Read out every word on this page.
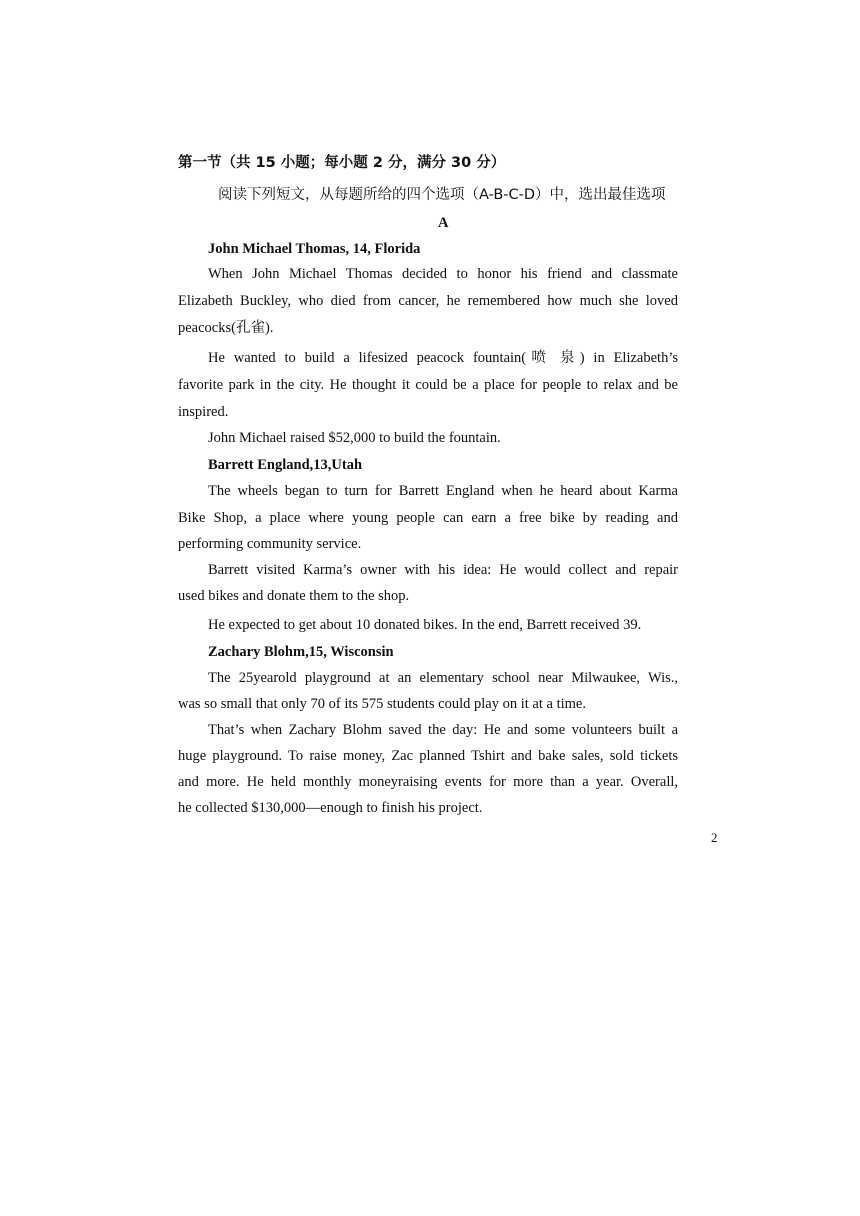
第一节（共 15 小题；每小题 2 分，满分 30 分）
阅读下列短文，从每题所给的四个选项（A-B-C-D）中，选出最佳选项
A
John Michael Thomas, 14, Florida
When John Michael Thomas decided to honor his friend and classmate
Elizabeth Buckley, who died from cancer, he remembered how much she loved
peacocks(孔雀).
He wanted to build a lifesized peacock fountain(喷 泉) in Elizabeth’s
favorite park in the city. He thought it could be a place for people to relax and be
inspired.
John Michael raised $52,000 to build the fountain.
Barrett England,13,Utah
The wheels began to turn for Barrett England when he heard about Karma
Bike Shop, a place where young people can earn a free bike by reading and
performing community service.
Barrett visited Karma’s owner with his idea: He would collect and repair
used bikes and donate them to the shop.
He expected to get about 10 donated bikes. In the end, Barrett received 39.
Zachary Blohm,15, Wisconsin
The 25yearold playground at an elementary school near Milwaukee, Wis.,
was so small that only 70 of its 575 students could play on it at a time.
That’s when Zachary Blohm saved the day: He and some volunteers built a
huge playground. To raise money, Zac planned Tshirt and bake sales, sold tickets
and more. He held monthly moneyraising events for more than a year. Overall,
he collected $130,000—enough to finish his project.
2
